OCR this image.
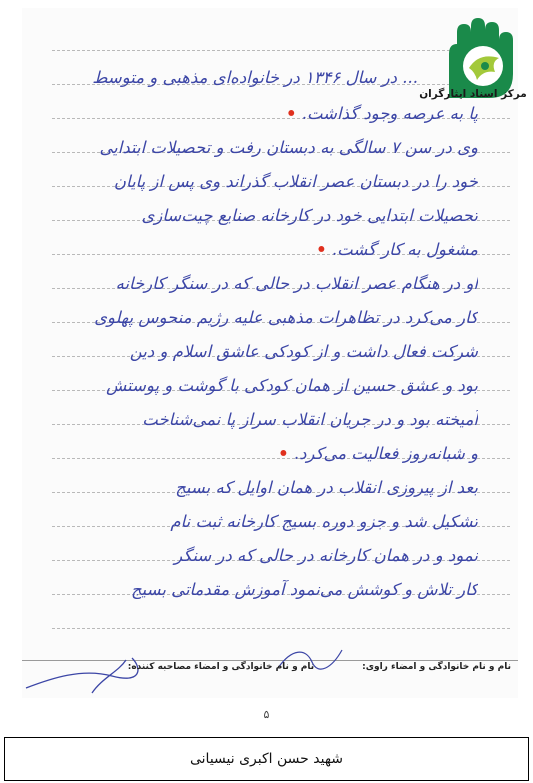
... در سال ۱۳۴۶ در خانواده‌ای مذهبی و متوسط
پا به عرصه وجود گذاشت. •
وی در سن ۷ سالگی به دبستان رفت و تحصیلات ابتدایی
خود را در دبستان عصر انقلاب گذراند وی پس از پایان
تحصیلات ابتدایی خود در کارخانه صنایع چیت‌سازی
مشغول به کار گشت. •
او در هنگام عصر انقلاب در حالی که در سنگر کارخانه
کار می‌کرد در تظاهرات مذهبی علیه رژیم منحوس پهلوی
شرکت فعال داشت و از کودکی عاشق اسلام و دین
بود و عشق حسین از همان کودکی با گوشت و پوستش
آمیخته بود و در جریان انقلاب سراز پا نمی‌شناخت
و شبانه‌روز فعالیت می‌کرد. •
بعد از پیروزی انقلاب در همان اوایل که بسیج
تشکیل شد و جزو دوره بسیج کارخانه ثبت نام
نمود و در همان کارخانه در حالی که در سنگر
کار تلاش و کوشش می‌نمود آموزش مقدماتی بسیج
مرکز اسناد ایثارگران
نام و نام خانوادگی و امضاء راوی:
نام و نام خانوادگی و امضاء مصاحبه کننده:
۵
شهید حسن اکبری نیسیانی
